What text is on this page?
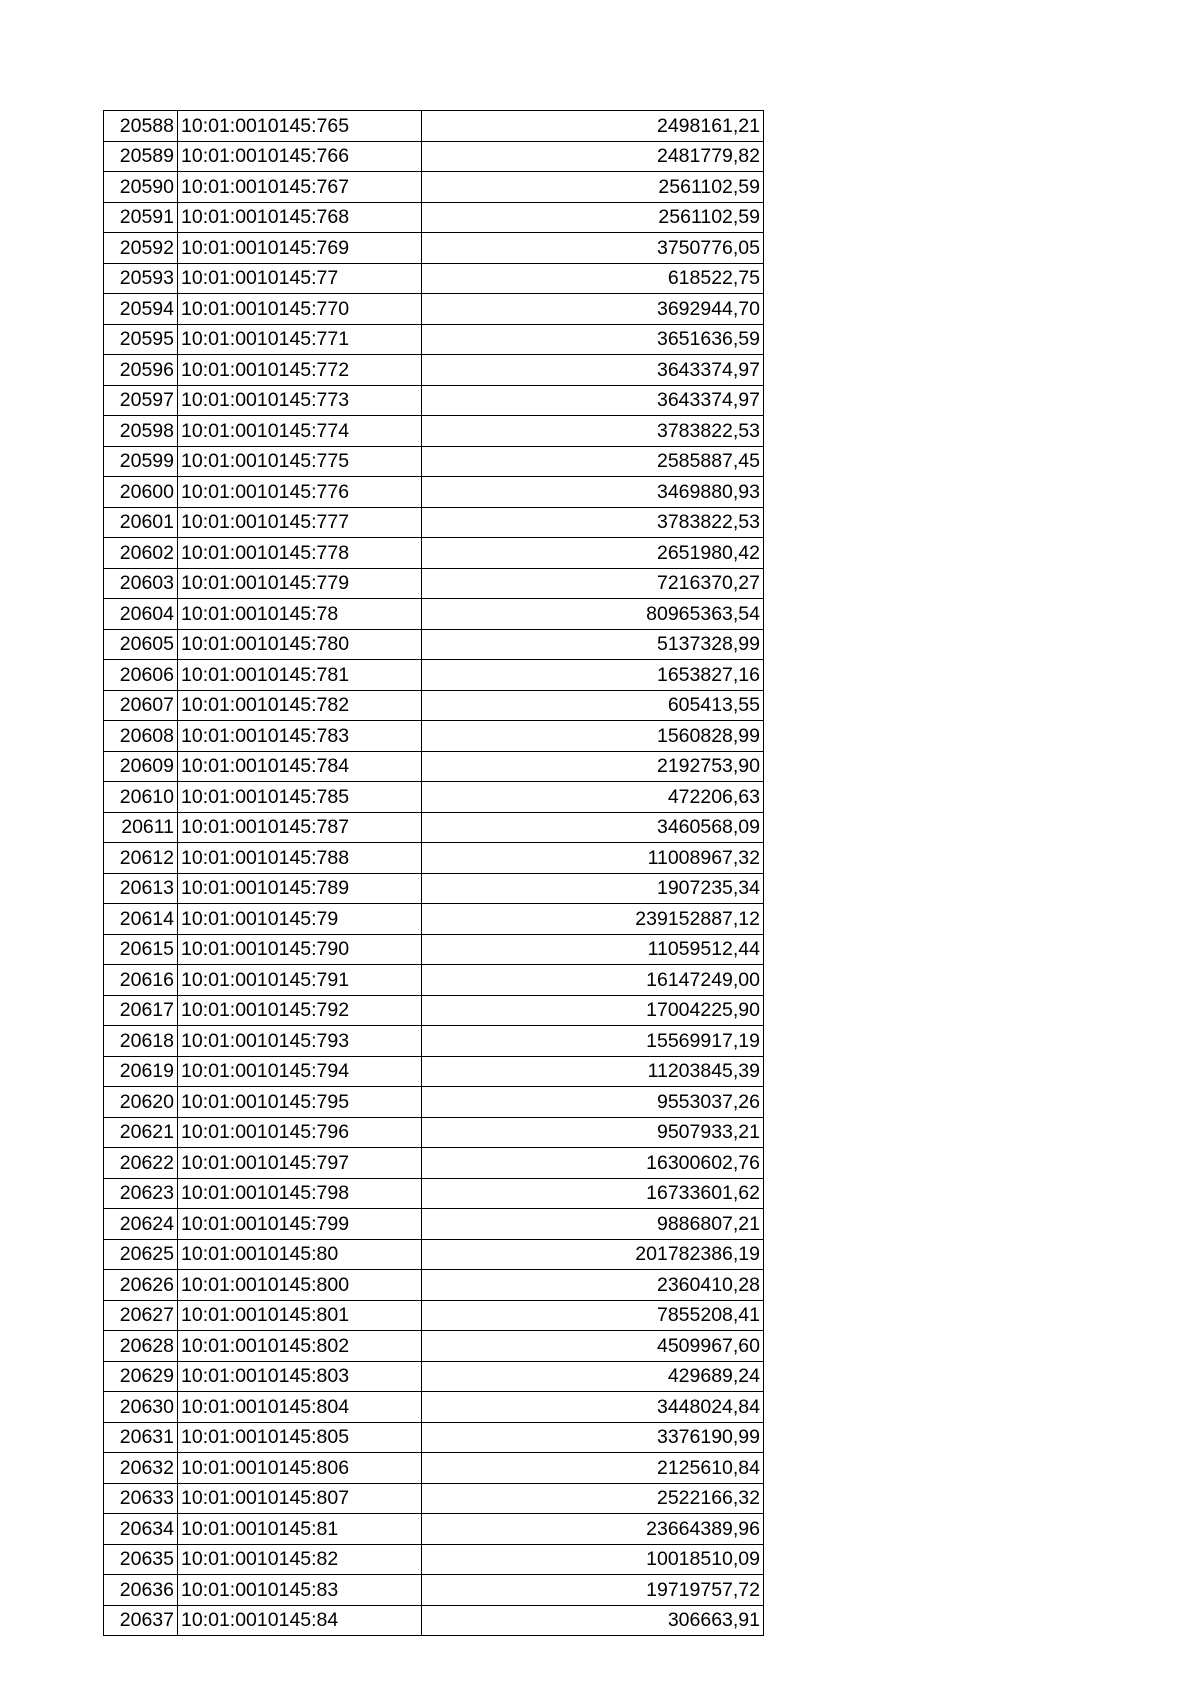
20588	10:01:0010145:765	2498161,21
20589	10:01:0010145:766	2481779,82
20590	10:01:0010145:767	2561102,59
20591	10:01:0010145:768	2561102,59
20592	10:01:0010145:769	3750776,05
20593	10:01:0010145:77	618522,75
20594	10:01:0010145:770	3692944,70
20595	10:01:0010145:771	3651636,59
20596	10:01:0010145:772	3643374,97
20597	10:01:0010145:773	3643374,97
20598	10:01:0010145:774	3783822,53
20599	10:01:0010145:775	2585887,45
20600	10:01:0010145:776	3469880,93
20601	10:01:0010145:777	3783822,53
20602	10:01:0010145:778	2651980,42
20603	10:01:0010145:779	7216370,27
20604	10:01:0010145:78	80965363,54
20605	10:01:0010145:780	5137328,99
20606	10:01:0010145:781	1653827,16
20607	10:01:0010145:782	605413,55
20608	10:01:0010145:783	1560828,99
20609	10:01:0010145:784	2192753,90
20610	10:01:0010145:785	472206,63
20611	10:01:0010145:787	3460568,09
20612	10:01:0010145:788	11008967,32
20613	10:01:0010145:789	1907235,34
20614	10:01:0010145:79	239152887,12
20615	10:01:0010145:790	11059512,44
20616	10:01:0010145:791	16147249,00
20617	10:01:0010145:792	17004225,90
20618	10:01:0010145:793	15569917,19
20619	10:01:0010145:794	11203845,39
20620	10:01:0010145:795	9553037,26
20621	10:01:0010145:796	9507933,21
20622	10:01:0010145:797	16300602,76
20623	10:01:0010145:798	16733601,62
20624	10:01:0010145:799	9886807,21
20625	10:01:0010145:80	201782386,19
20626	10:01:0010145:800	2360410,28
20627	10:01:0010145:801	7855208,41
20628	10:01:0010145:802	4509967,60
20629	10:01:0010145:803	429689,24
20630	10:01:0010145:804	3448024,84
20631	10:01:0010145:805	3376190,99
20632	10:01:0010145:806	2125610,84
20633	10:01:0010145:807	2522166,32
20634	10:01:0010145:81	23664389,96
20635	10:01:0010145:82	10018510,09
20636	10:01:0010145:83	19719757,72
20637	10:01:0010145:84	306663,91
